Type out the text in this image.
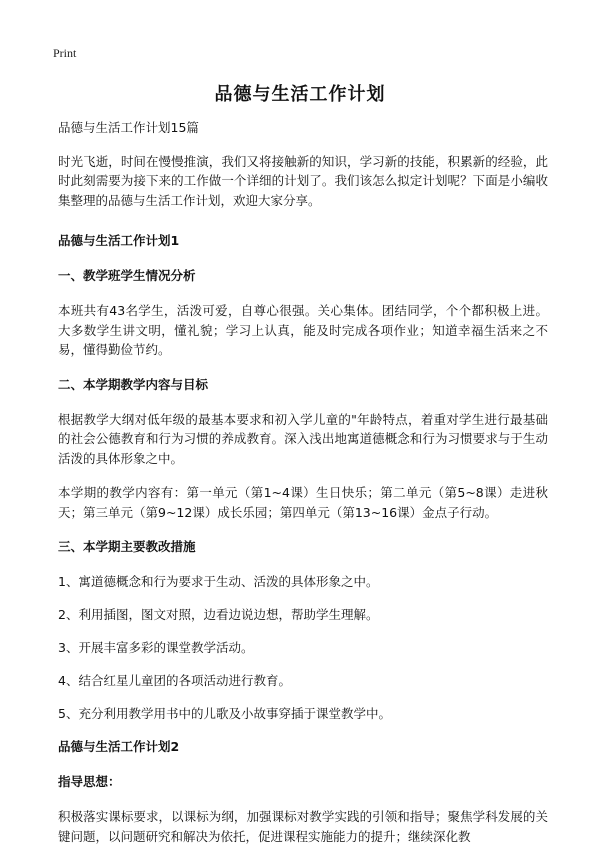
Print
品德与生活工作计划

品德与生活工作计划15篇

时光飞逝，时间在慢慢推演，我们又将接触新的知识，学习新的技能，积累新的经验，此时此刻需要为接下来的工作做一个详细的计划了。我们该怎么拟定计划呢？下面是小编收集整理的品德与生活工作计划，欢迎大家分享。

品德与生活工作计划1
一、教学班学生情况分析

本班共有43名学生，活泼可爱，自尊心很强。关心集体。团结同学，个个都积极上进。大多数学生讲文明，懂礼貌；学习上认真，能及时完成各项作业；知道幸福生活来之不易，懂得勤俭节约。

二、本学期教学内容与目标

根据教学大纲对低年级的最基本要求和初入学儿童的"年龄特点，着重对学生进行最基础的社会公德教育和行为习惯的养成教育。深入浅出地寓道德概念和行为习惯要求与于生动活泼的具体形象之中。

本学期的教学内容有：第一单元（第1~4课）生日快乐；第二单元（第5~8课）走进秋天；第三单元（第9~12课）成长乐园；第四单元（第13~16课）金点子行动。

三、本学期主要教改措施

1、寓道德概念和行为要求于生动、活泼的具体形象之中。

2、利用插图，图文对照，边看边说边想，帮助学生理解。

3、开展丰富多彩的课堂教学活动。

4、结合红星儿童团的各项活动进行教育。

5、充分利用教学用书中的儿歌及小故事穿插于课堂教学中。

品德与生活工作计划2
指导思想：

积极落实课标要求，以课标为纲，加强课标对教学实践的引领和指导；聚焦学科发展的关键问题，以问题研究和解决为依托，促进课程实施能力的提升；继续深化教
